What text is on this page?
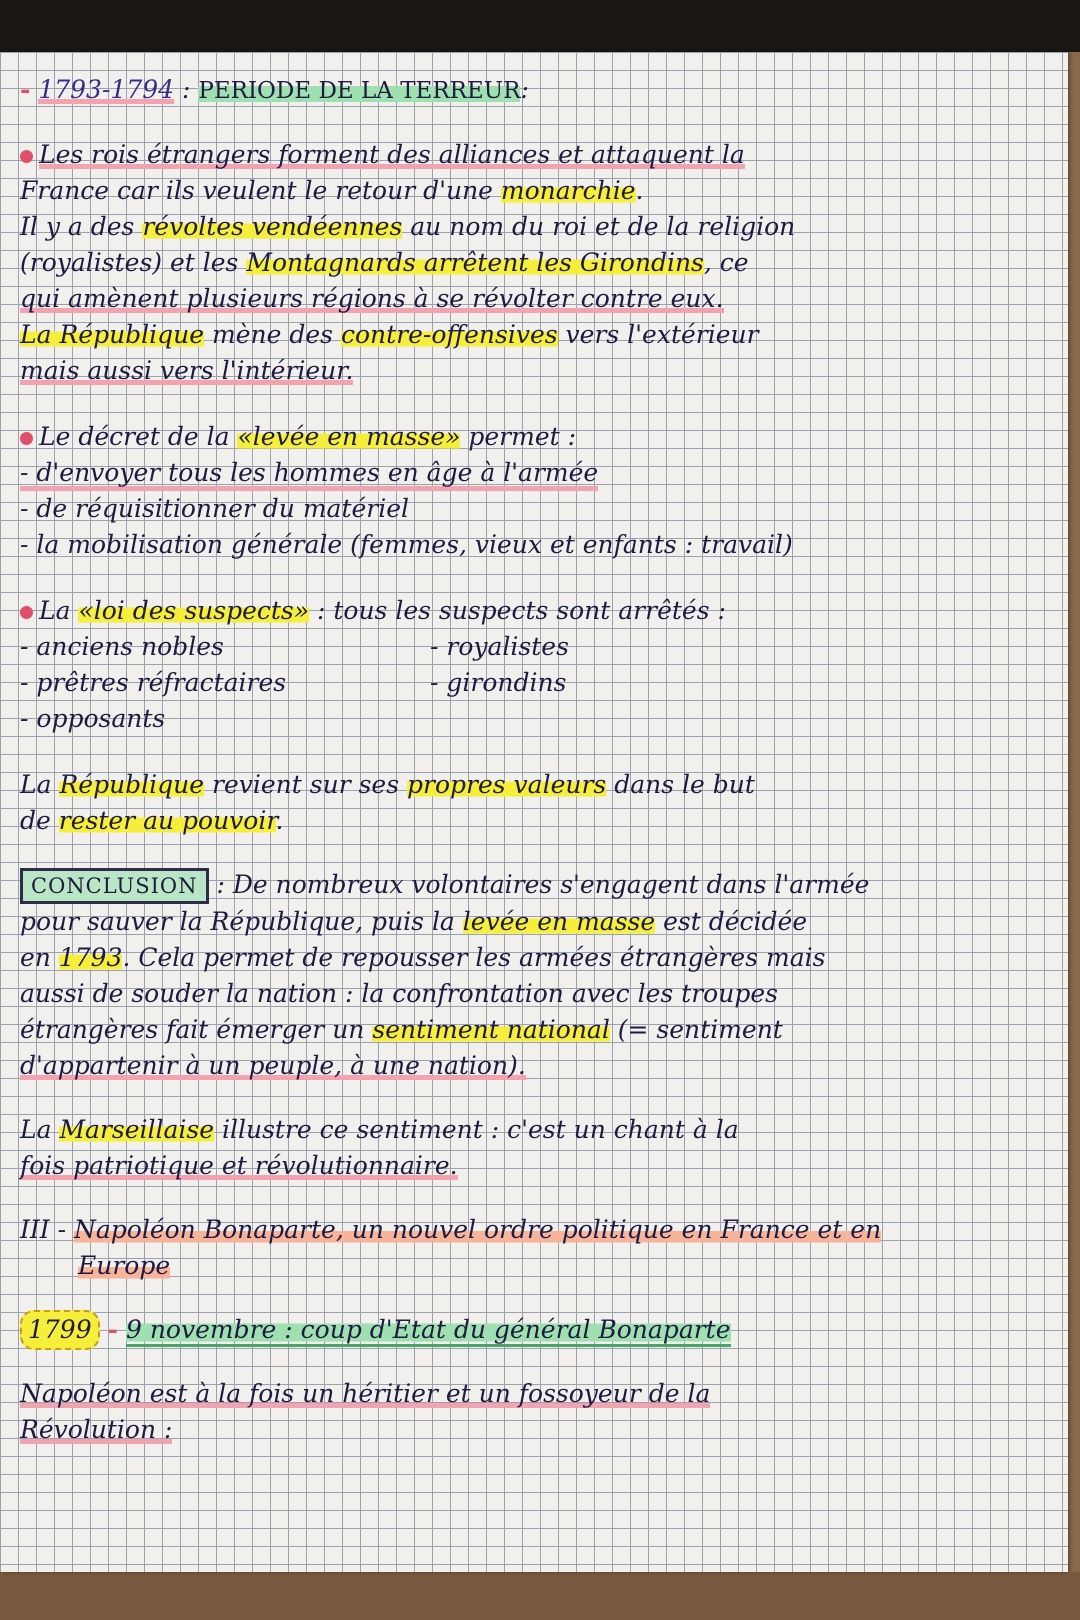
- 1793-1794 : PERIODE DE LA TERREUR:
Les rois étrangers forment des alliances et attaquent la
France car ils veulent le retour d'une monarchie.
Il y a des révoltes vendéennes au nom du roi et de la religion
(royalistes) et les Montagnards arrêtent les Girondins, ce
qui amènent plusieurs régions à se révolter contre eux.
La République mène des contre-offensives vers l'extérieur
mais aussi vers l'intérieur.
Le décret de la «levée en masse» permet :
- d'envoyer tous les hommes en âge à l'armée
- de réquisitionner du matériel
- la mobilisation générale (femmes, vieux et enfants : travail)
La «loi des suspects» : tous les suspects sont arrêtés :
- anciens nobles	- royalistes
- prêtres réfractaires	- girondins
- opposants
La République revient sur ses propres valeurs dans le but
de rester au pouvoir.
CONCLUSION : De nombreux volontaires s'engagent dans l'armée
pour sauver la République, puis la levée en masse est décidée
en 1793. Cela permet de repousser les armées étrangères mais
aussi de souder la nation : la confrontation avec les troupes
étrangères fait émerger un sentiment national (= sentiment
d'appartenir à un peuple, à une nation).
La Marseillaise illustre ce sentiment : c'est un chant à la
fois patriotique et révolutionnaire.
III - Napoléon Bonaparte, un nouvel ordre politique en France et en
Europe
1799 - 9 novembre : coup d'Etat du général Bonaparte
Napoléon est à la fois un héritier et un fossoyeur de la
Révolution :
